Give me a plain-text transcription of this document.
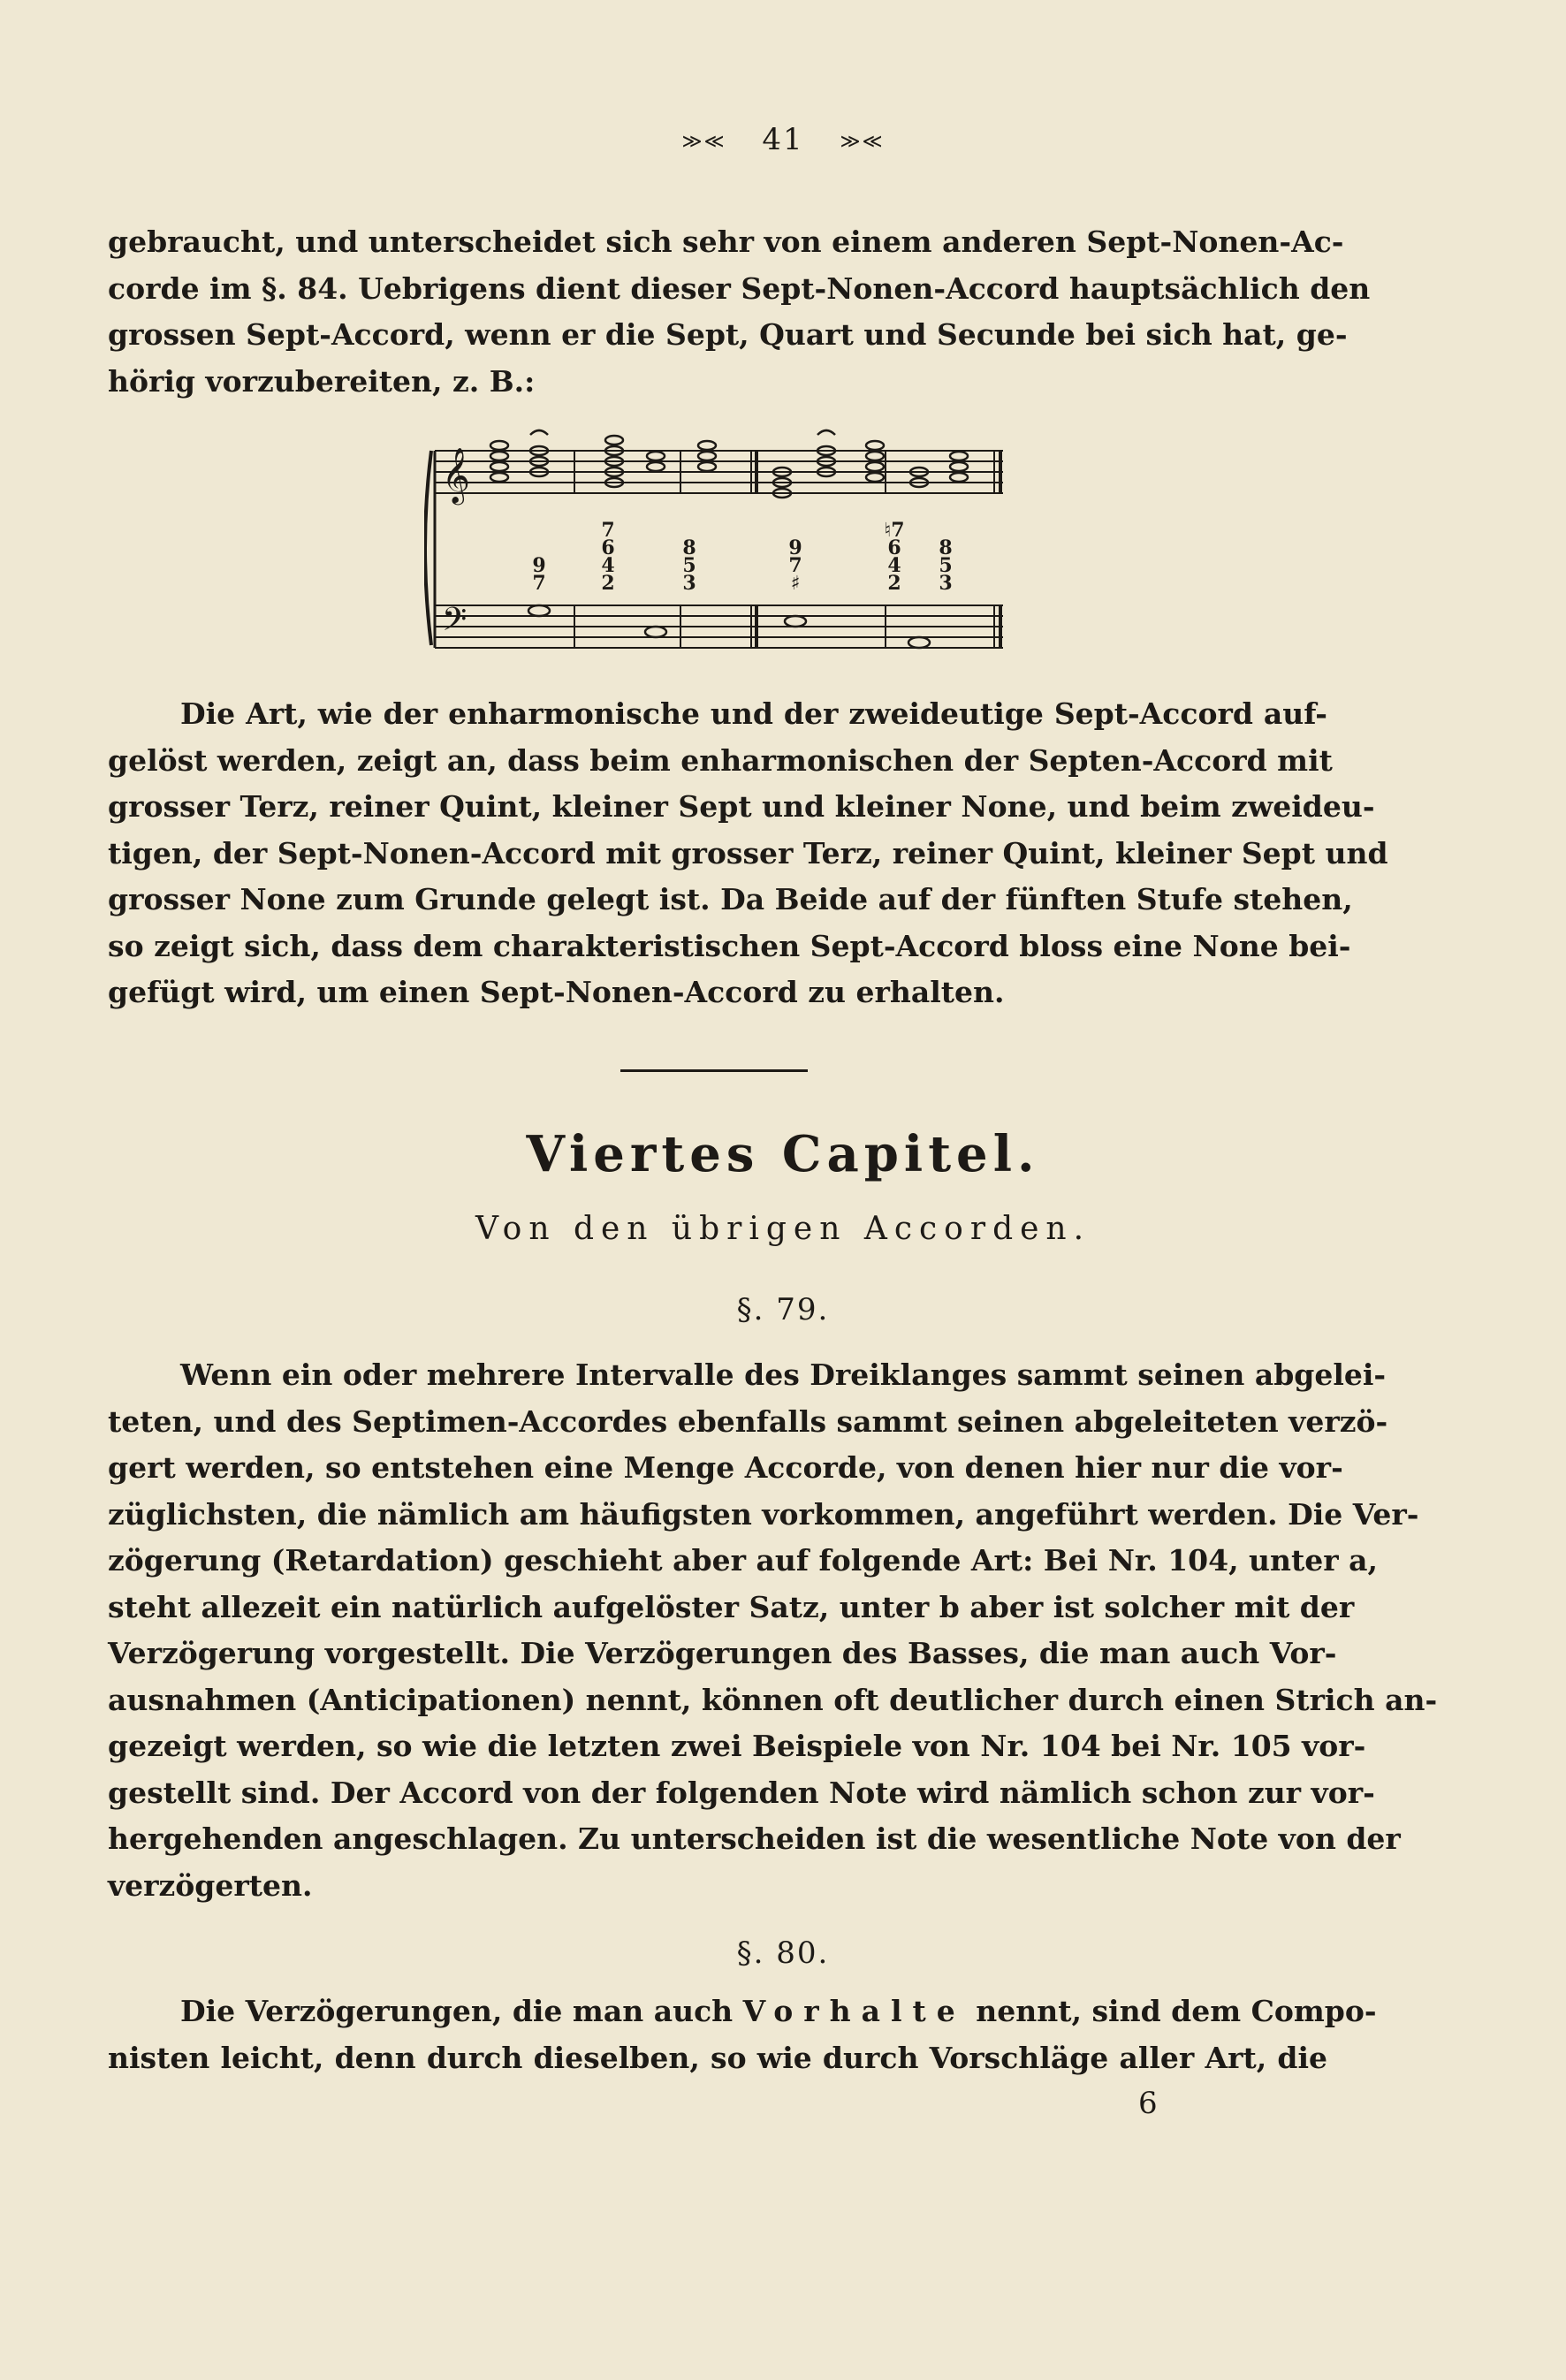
≫≪ 41 ≫≪
gebraucht, und unterscheidet sich sehr von einem anderen Sept-Nonen-Ac-
corde im §. 84. Uebrigens dient dieser Sept-Nonen-Accord hauptsächlich den
grossen Sept-Accord, wenn er die Sept, Quart und Secunde bei sich hat, ge-
hörig vorzubereiten, z. B.:
𝄞
𝄢
9
7
7
6
4
2
8
5
3
9
7
♯
♮7
6
4
2
8
5
3
Die Art, wie der enharmonische und der zweideutige Sept-Accord auf-
gelöst werden, zeigt an, dass beim enharmonischen der Septen-Accord mit
grosser Terz, reiner Quint, kleiner Sept und kleiner None, und beim zweideu-
tigen, der Sept-Nonen-Accord mit grosser Terz, reiner Quint, kleiner Sept und
grosser None zum Grunde gelegt ist. Da Beide auf der fünften Stufe stehen,
so zeigt sich, dass dem charakteristischen Sept-Accord bloss eine None bei-
gefügt wird, um einen Sept-Nonen-Accord zu erhalten.
Viertes Capitel.
Von den übrigen Accorden.
§. 79.
Wenn ein oder mehrere Intervalle des Dreiklanges sammt seinen abgelei-
teten, und des Septimen-Accordes ebenfalls sammt seinen abgeleiteten verzö-
gert werden, so entstehen eine Menge Accorde, von denen hier nur die vor-
züglichsten, die nämlich am häufigsten vorkommen, angeführt werden. Die Ver-
zögerung (Retardation) geschieht aber auf folgende Art: Bei Nr. 104, unter a,
steht allezeit ein natürlich aufgelöster Satz, unter b aber ist solcher mit der
Verzögerung vorgestellt. Die Verzögerungen des Basses, die man auch Vor-
ausnahmen (Anticipationen) nennt, können oft deutlicher durch einen Strich an-
gezeigt werden, so wie die letzten zwei Beispiele von Nr. 104 bei Nr. 105 vor-
gestellt sind. Der Accord von der folgenden Note wird nämlich schon zur vor-
hergehenden angeschlagen. Zu unterscheiden ist die wesentliche Note von der
verzögerten.
§. 80.
Die Verzögerungen, die man auch Vorhalte nennt, sind dem Compo-
nisten leicht, denn durch dieselben, so wie durch Vorschläge aller Art, die
6
